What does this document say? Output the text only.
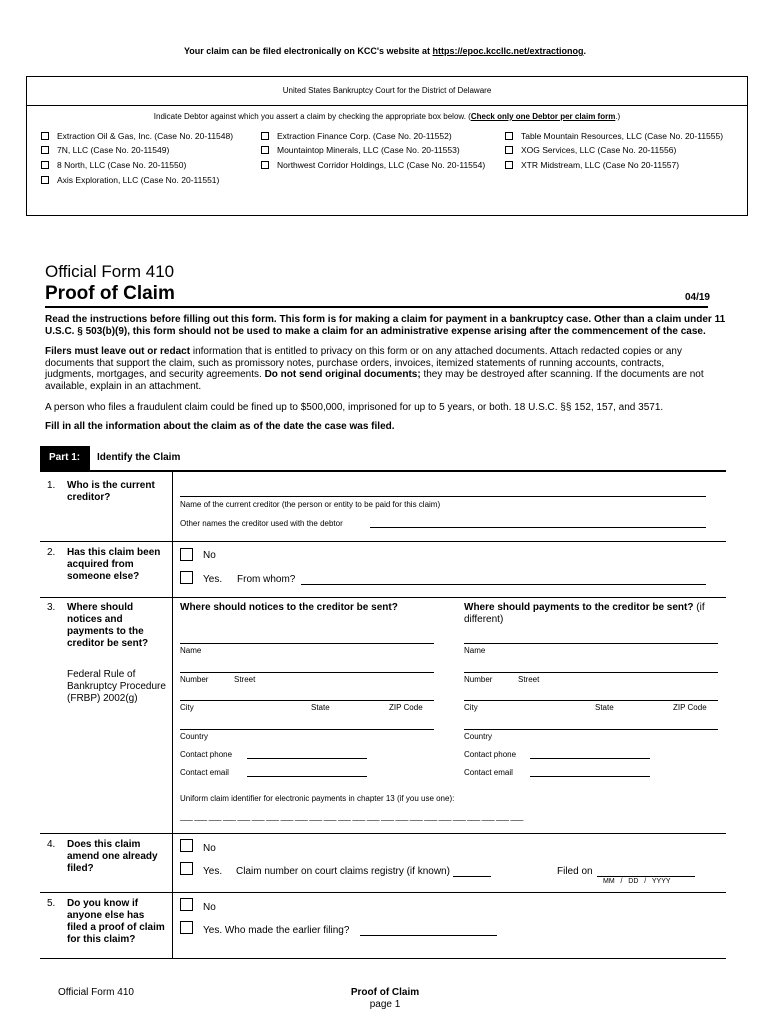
Your claim can be filed electronically on KCC's website at https://epoc.kccllc.net/extractionog.
United States Bankruptcy Court for the District of Delaware
Indicate Debtor against which you assert a claim by checking the appropriate box below. (Check only one Debtor per claim form.)
Extraction Oil & Gas, Inc. (Case No. 20-11548)
7N, LLC (Case No. 20-11549)
8 North, LLC (Case No. 20-11550)
Axis Exploration, LLC (Case No. 20-11551)
Extraction Finance Corp. (Case No. 20-11552)
Mountaintop Minerals, LLC (Case No. 20-11553)
Northwest Corridor Holdings, LLC (Case No. 20-11554)
Table Mountain Resources, LLC (Case No. 20-11555)
XOG Services, LLC (Case No. 20-11556)
XTR Midstream, LLC (Case No 20-11557)
Official Form 410
Proof of Claim	04/19

Read the instructions before filling out this form. This form is for making a claim for payment in a bankruptcy case. Other than a claim under 11 U.S.C. § 503(b)(9), this form should not be used to make a claim for an administrative expense arising after the commencement of the case.

Filers must leave out or redact information that is entitled to privacy on this form or on any attached documents. Attach redacted copies or any documents that support the claim, such as promissory notes, purchase orders, invoices, itemized statements of running accounts, contracts, judgments, mortgages, and security agreements. Do not send original documents; they may be destroyed after scanning. If the documents are not available, explain in an attachment.

A person who files a fraudulent claim could be fined up to $500,000, imprisoned for up to 5 years, or both. 18 U.S.C. §§ 152, 157, and 3571.
Fill in all the information about the claim as of the date the case was filed.
Part 1: Identify the Claim
1. Who is the current creditor?
Name of the current creditor (the person or entity to be paid for this claim)
Other names the creditor used with the debtor
2. Has this claim been acquired from someone else?
No
Yes. From whom?
3. Where should notices and payments to the creditor be sent?
Federal Rule of Bankruptcy Procedure (FRBP) 2002(g)
Where should notices to the creditor be sent?	Where should payments to the creditor be sent? (if different)
Name
Number	Street
City	State	ZIP Code
Country
Contact phone
Contact email
Name
Number	Street
City	State	ZIP Code
Country
Contact phone
Contact email
Uniform claim identifier for electronic payments in chapter 13 (if you use one):
___ ___ ___ ___ ___ ___ ___ ___ ___ ___ ___ ___ ___ ___ ___ ___ ___ ___ ___ ___ ___ ___ ___ ___
4. Does this claim amend one already filed?
No
Yes. Claim number on court claims registry (if known)	Filed on
MM   /   DD   /   YYYY
5. Do you know if anyone else has filed a proof of claim for this claim?
No
Yes. Who made the earlier filing?
Official Form 410	Proof of Claim
page 1
